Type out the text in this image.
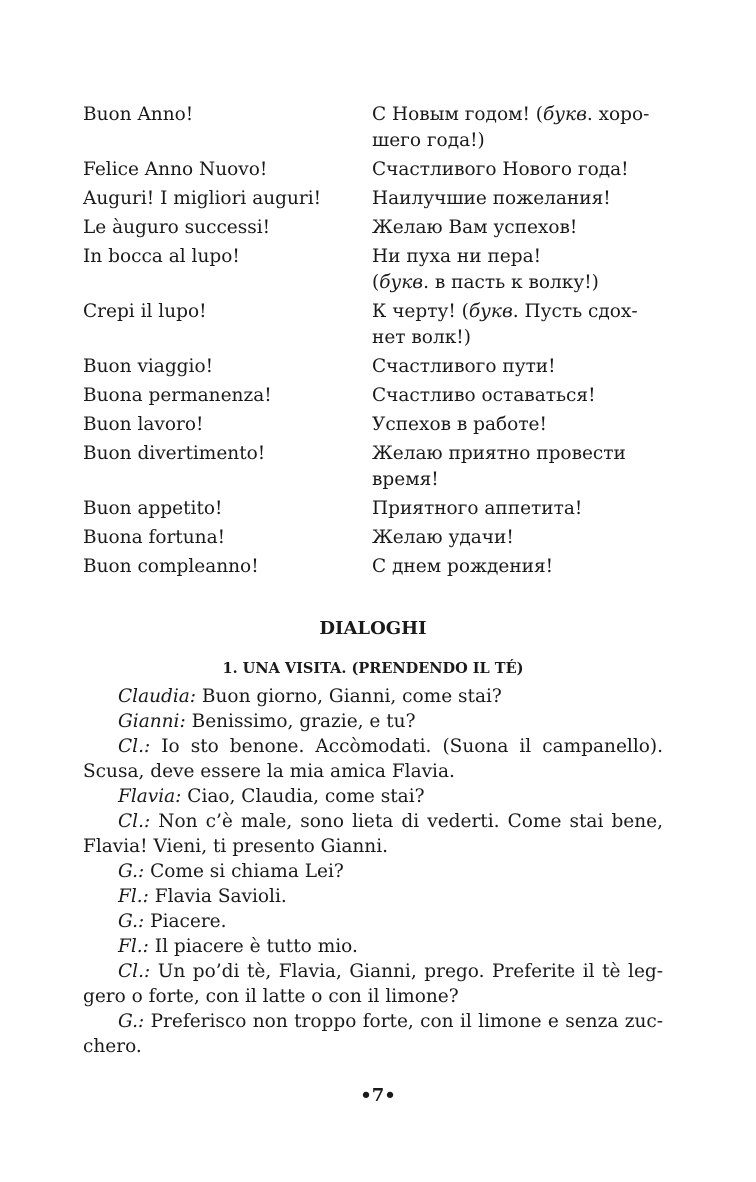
Buon Anno!	С Новым годом! (букв. хоро-
шего года!)
Felice Anno Nuovo!	Счастливого Нового года!
Auguri! I migliori auguri!	Наилучшие пожелания!
Le àuguro successi!	Желаю Вам успехов!
In bocca al lupo!	Ни пуха ни пера!
(букв. в пасть к волку!)
Crepi il lupo!	К черту! (букв. Пусть сдох-
нет волк!)
Buon viaggio!	Счастливого пути!
Buona permanenza!	Счастливо оставаться!
Buon lavoro!	Успехов в работе!
Buon divertimento!	Желаю приятно провести
время!
Buon appetito!	Приятного аппетита!
Buona fortuna!	Желаю удачи!
Buon compleanno!	С днем рождения!
DIALOGHI
1. UNA VISITA. (PRENDENDO IL TÉ)

Claudia: Buon giorno, Gianni, come stai?

Gianni: Benissimo, grazie, e tu?

Cl.: Io sto benone. Accòmodati. (Suona il campanello). Scusa, deve essere la mia amica Flavia.

Flavia: Ciao, Claudia, come stai?

Cl.: Non c’è male, sono lieta di vederti. Come stai bene, Flavia! Vieni, ti presento Gianni.

G.: Come si chiama Lei?

Fl.: Flavia Savioli.

G.: Piacere.

Fl.: Il piacere è tutto mio.

Cl.: Un po’di tè, Flavia, Gianni, prego. Preferite il tè leg-gero o forte, con il latte o con il limone?

G.: Preferisco non troppo forte, con il limone e senza zuc-chero.

•7•
